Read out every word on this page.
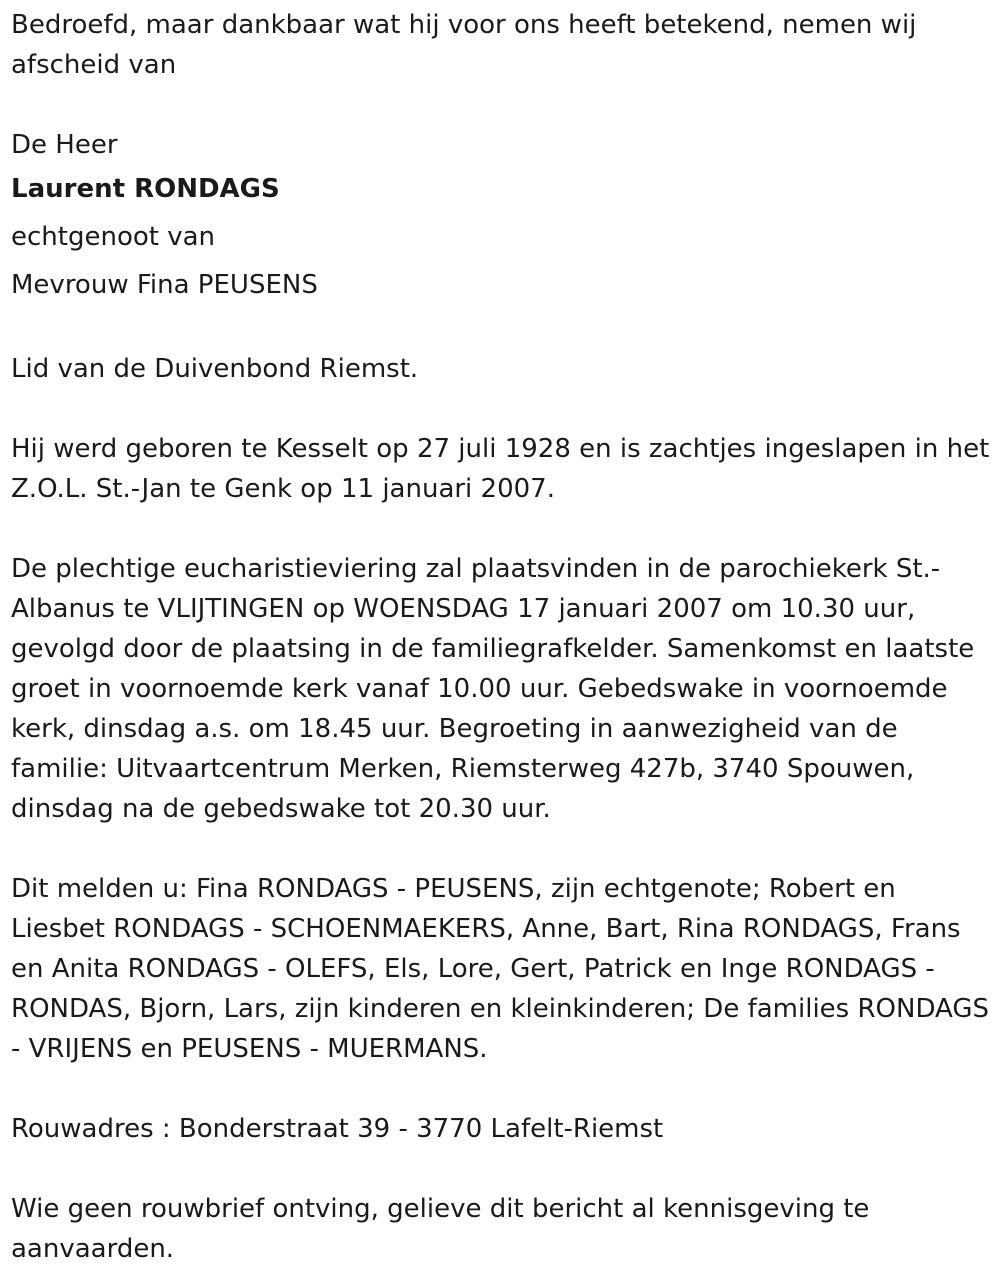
Bedroefd, maar dankbaar wat hij voor ons heeft betekend, nemen wij afscheid van

De Heer

Laurent RONDAGS

echtgenoot van

Mevrouw Fina PEUSENS

Lid van de Duivenbond Riemst.

Hij werd geboren te Kesselt op 27 juli 1928 en is zachtjes ingeslapen in het Z.O.L. St.-Jan te Genk op 11 januari 2007.

De plechtige eucharistieviering zal plaatsvinden in de parochiekerk St.-Albanus te VLIJTINGEN op WOENSDAG 17 januari 2007 om 10.30 uur, gevolgd door de plaatsing in de familiegrafkelder. Samenkomst en laatste groet in voornoemde kerk vanaf 10.00 uur. Gebedswake in voornoemde kerk, dinsdag a.s. om 18.45 uur. Begroeting in aanwezigheid van de familie: Uitvaartcentrum Merken, Riemsterweg 427b, 3740 Spouwen, dinsdag na de gebedswake tot 20.30 uur.

Dit melden u: Fina RONDAGS - PEUSENS, zijn echtgenote; Robert en Liesbet RONDAGS - SCHOENMAEKERS, Anne, Bart, Rina RONDAGS, Frans en Anita RONDAGS - OLEFS, Els, Lore, Gert, Patrick en Inge RONDAGS - RONDAS, Bjorn, Lars, zijn kinderen en kleinkinderen; De families RONDAGS - VRIJENS en PEUSENS - MUERMANS.

Rouwadres : Bonderstraat 39 - 3770 Lafelt-Riemst

Wie geen rouwbrief ontving, gelieve dit bericht al kennisgeving te aanvaarden.
